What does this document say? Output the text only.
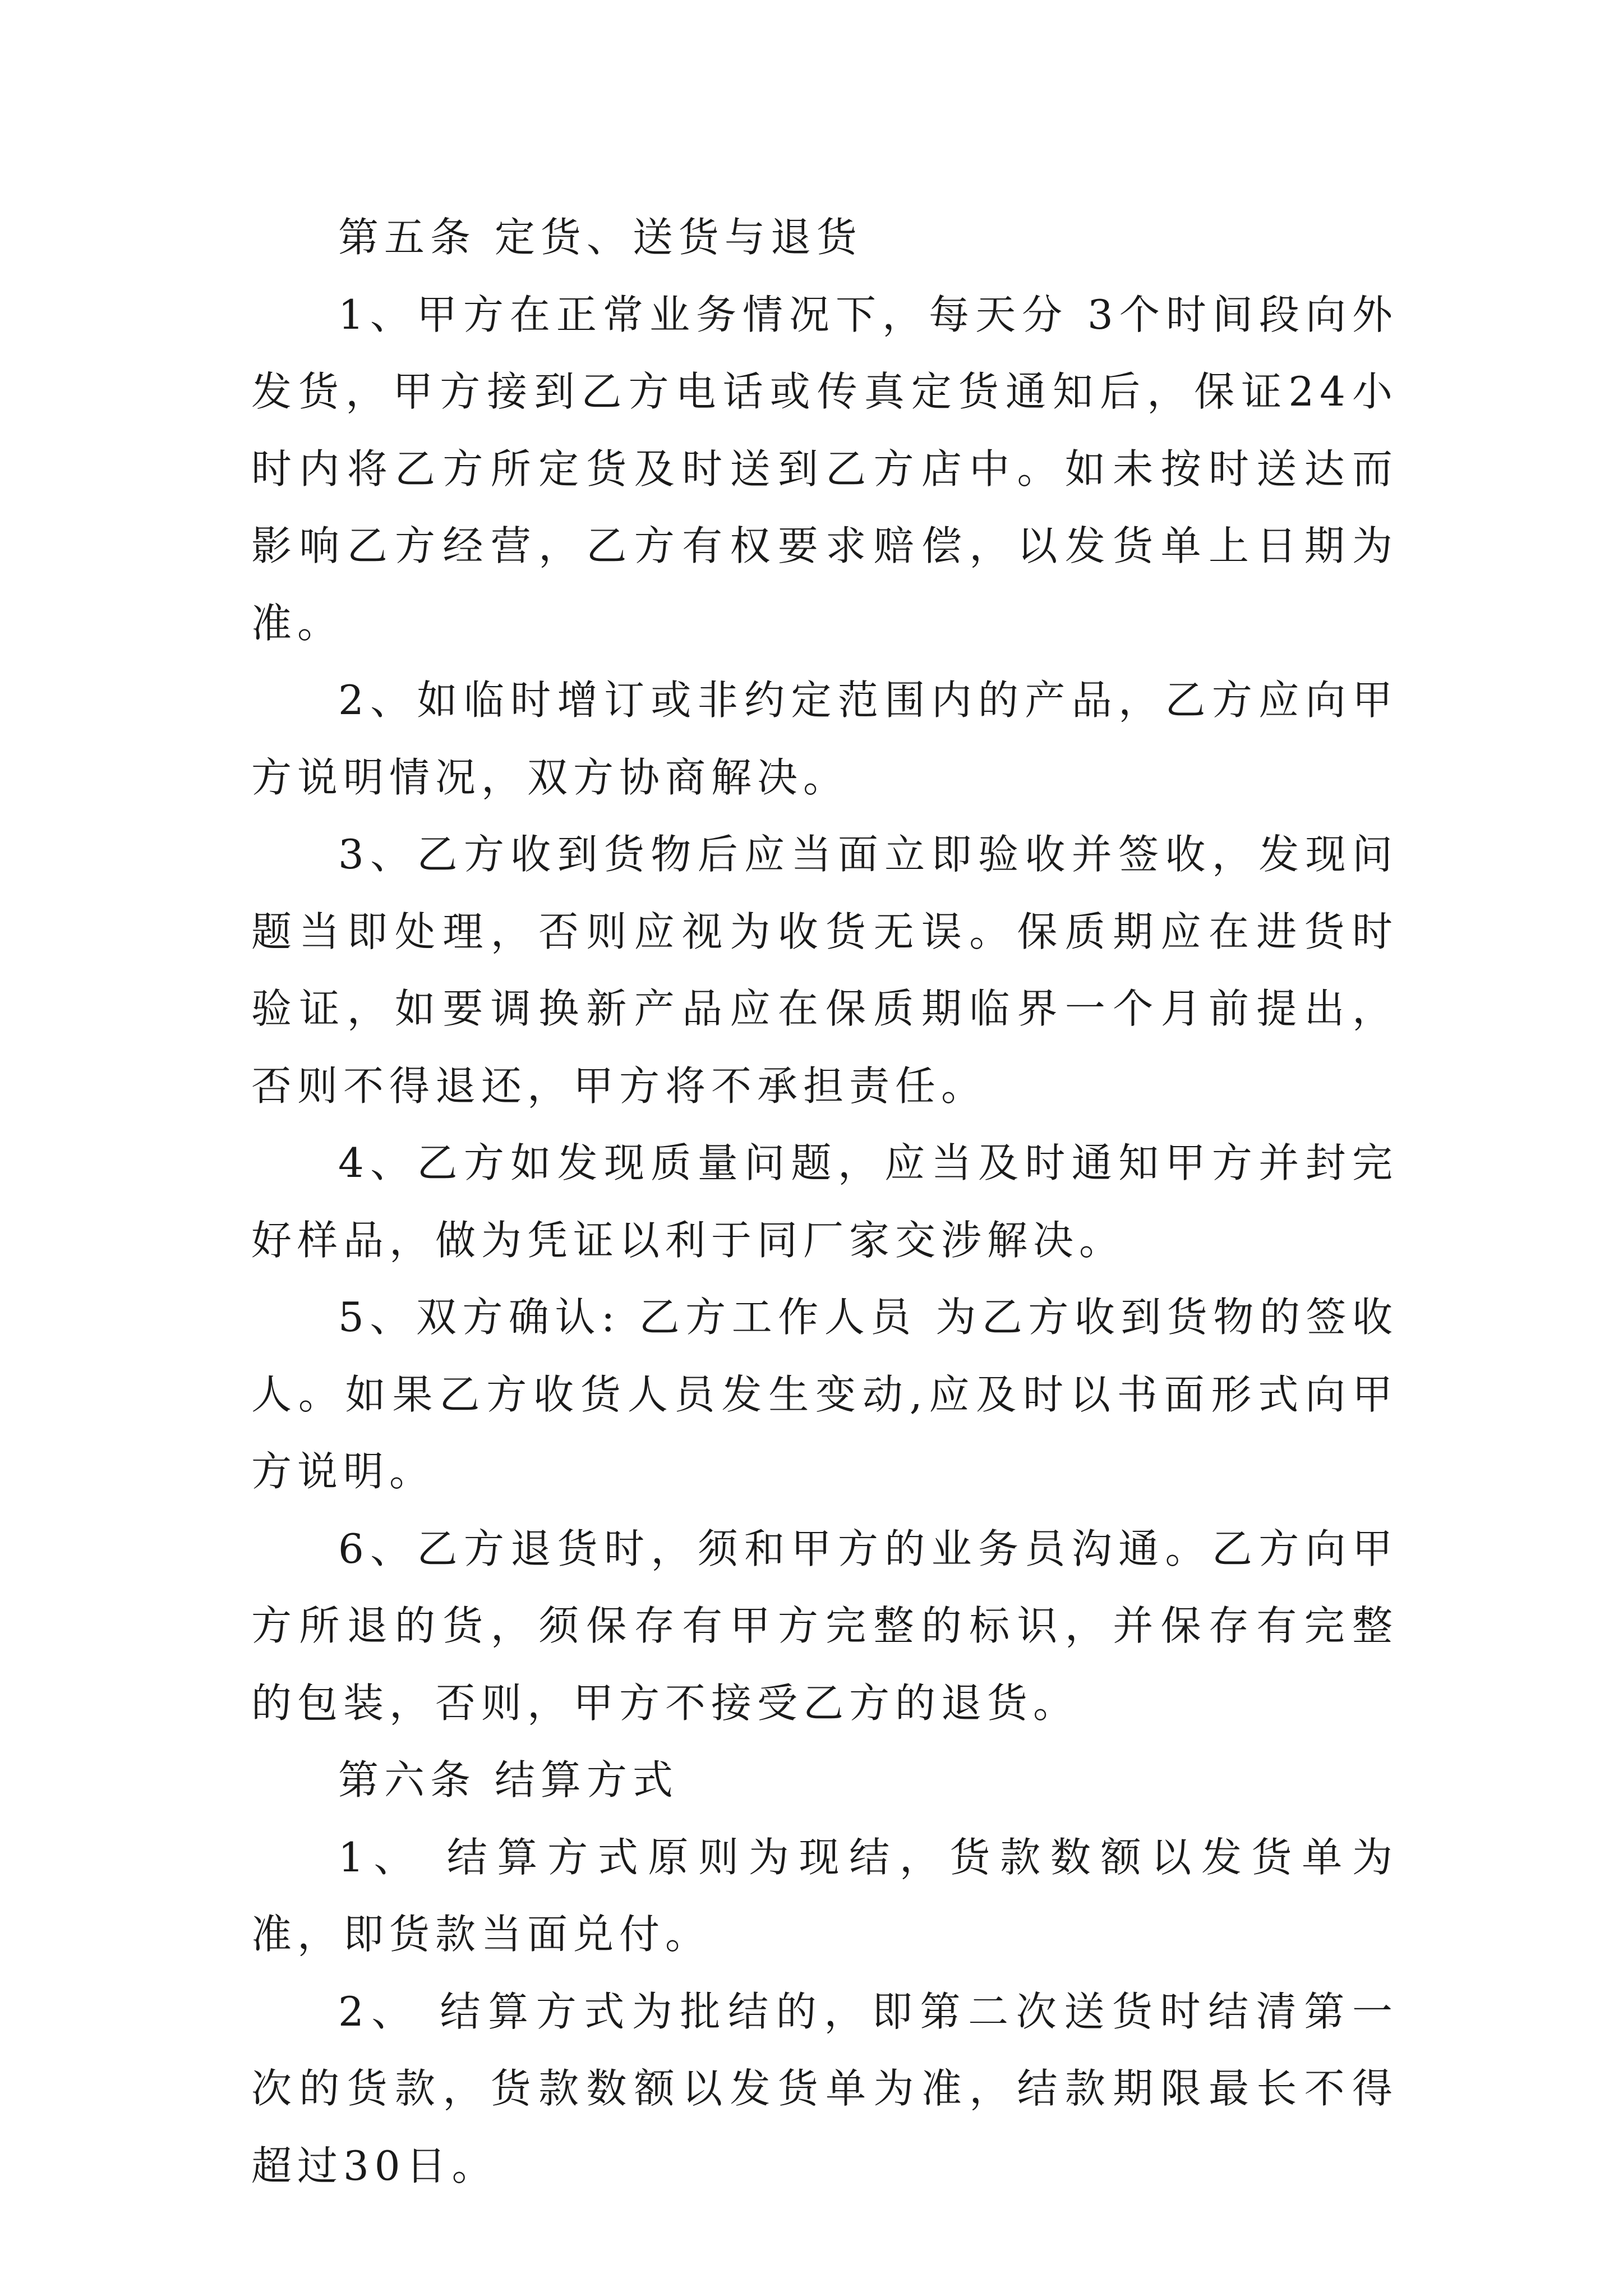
第五条 定货、送货与退货

1、甲方在正常业务情况下，每天分 3个时间段向外发货，甲方接到乙方电话或传真定货通知后，保证24小时内将乙方所定货及时送到乙方店中。如未按时送达而影响乙方经营，乙方有权要求赔偿，以发货单上日期为准。

2、如临时增订或非约定范围内的产品，乙方应向甲方说明情况，双方协商解决。

3、乙方收到货物后应当面立即验收并签收，发现问题当即处理，否则应视为收货无误。保质期应在进货时验证，如要调换新产品应在保质期临界一个月前提出，否则不得退还，甲方将不承担责任。

4、乙方如发现质量问题，应当及时通知甲方并封完好样品，做为凭证以利于同厂家交涉解决。

5、双方确认: 乙方工作人员 为乙方收到货物的签收人。如果乙方收货人员发生变动,应及时以书面形式向甲方说明。

6、乙方退货时，须和甲方的业务员沟通。乙方向甲方所退的货，须保存有甲方完整的标识，并保存有完整的包装，否则，甲方不接受乙方的退货。

第六条 结算方式

1、 结算方式原则为现结，货款数额以发货单为准，即货款当面兑付。

2、 结算方式为批结的，即第二次送货时结清第一次的货款，货款数额以发货单为准，结款期限最长不得超过30日。
